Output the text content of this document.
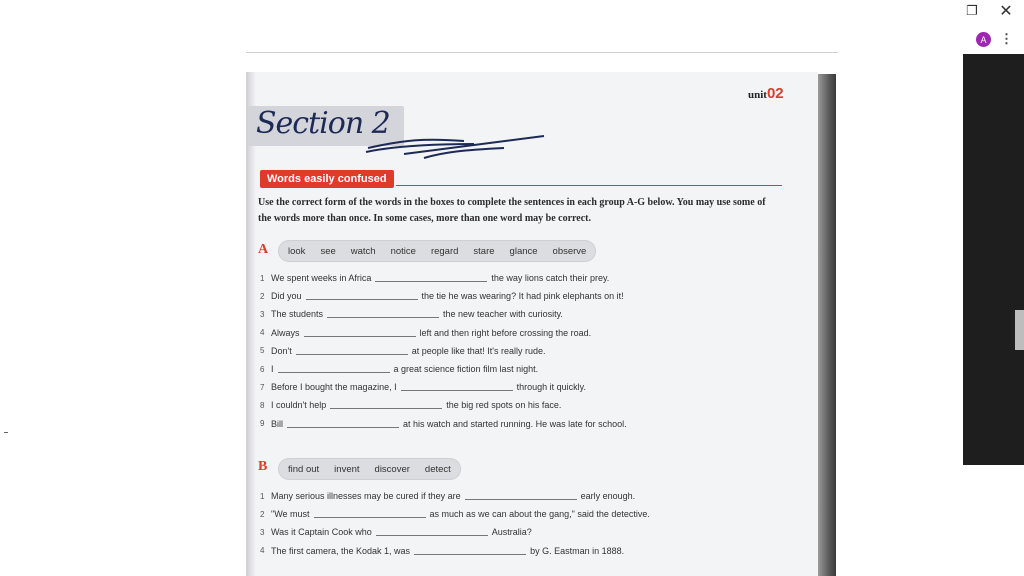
❐	✕
A	⋮
unit02
Section 2
Words easily confused
Use the correct form of the words in the boxes to complete the sentences in each group A-G below. You may use some of the words more than once. In some cases, more than one word may be correct.
A look see watch notice regard stare glance observe
1 We spent weeks in Africa	the way lions catch their prey.
2 Did you	the tie he was wearing? It had pink elephants on it!
3 The students	the new teacher with curiosity.
4 Always	left and then right before crossing the road.
5 Don't	at people like that! It's really rude.
6 I	a great science fiction film last night.
7 Before I bought the magazine, I	through it quickly.
8 I couldn't help	the big red spots on his face.
9 Bill	at his watch and started running. He was late for school.
B find out invent discover detect
1 Many serious illnesses may be cured if they are	early enough.
2 "We must	as much as we can about the gang," said the detective.
3 Was it Captain Cook who	Australia?
4 The first camera, the Kodak 1, was	by G. Eastman in 1888.
